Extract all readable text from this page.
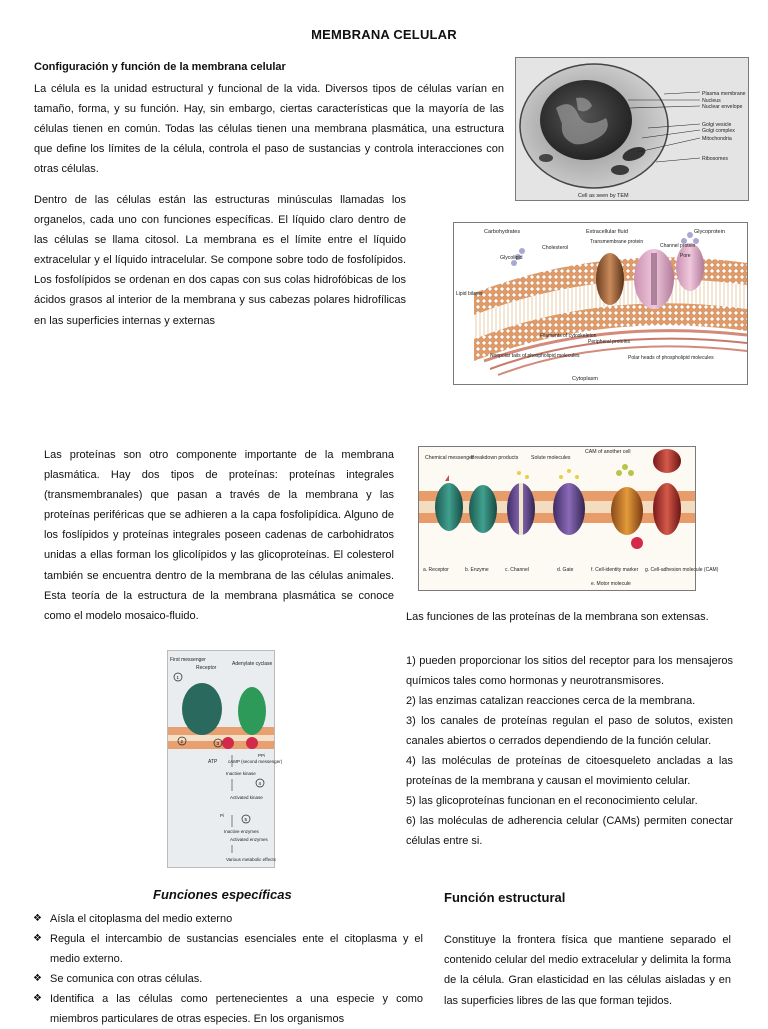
MEMBRANA CELULAR
Configuración y función de la membrana celular
La célula es la unidad estructural y funcional de la vida. Diversos tipos de células varían en tamaño, forma, y su función. Hay, sin embargo, ciertas características que la mayoría de las células tienen en común. Todas las células tienen una membrana plasmática, una estructura que define los límites de la célula, controla el paso de sustancias y controla interacciones con otras células.
Dentro de las células están las estructuras minúsculas llamadas los organelos, cada uno con funciones específicas. El líquido claro dentro de las células se llama citosol. La membrana es el límite entre el líquido extracelular y el líquido intracelular. Se compone sobre todo de fosfolípidos. Los fosfolípidos se ordenan en dos capas con sus colas hidrofóbicas de los ácidos grasos al interior de la membrana y sus cabezas polares hidrofílicas en las superficies internas y externas
Plasma membrane
Nucleus
Nuclear envelope
Golgi vesicle
Golgi complex
Mitochondria
Ribosomes
Cell as seen by TEM
Carbohydrates	Extracellular fluid	Glycoprotein
Cholesterol
Transmembrane protein
Glycolipid
Channel protein
Pore
Lipid bilayer
Filaments of cytoskeleton
Peripheral proteins
Nonpolar tails of phospholipid molecules	Polar heads of phospholipid molecules
Cytoplasm
Las proteínas son otro componente importante de la membrana plasmática. Hay dos tipos de proteínas: proteínas integrales (transmembranales) que pasan a través de la membrana y las proteínas periféricas que se adhieren a la capa fosfolipídica. Alguno de los foslípidos y proteínas integrales poseen cadenas de carbohidratos unidas a ellas forman los glicolípidos y las glicoproteínas. El colesterol también se encuentra dentro de la membrana de las células animales. Esta teoría de la estructura de la membrana plasmática se conoce como el modelo mosaico-fluido.
Chemical messenger
Breakdown products Solute molecules
CAM of another cell
a. Receptor	b. Enzyme	c. Channel	d. Gate	f. Cell-identity marker g. Cell-adhesion molecule (CAM)
e. Motor molecule
Las funciones de las proteínas de la membrana son extensas.
1) pueden proporcionar los sitios del receptor para los mensajeros químicos tales como hormonas y neurotransmisores.
2) las enzimas catalizan reacciones cerca de la membrana.
3) los canales de proteínas regulan el paso de solutos, existen canales abiertos o cerrados dependiendo de la función celular.
4) las moléculas de proteínas de citoesqueleto ancladas a las proteínas de la membrana y causan el movimiento celular.
5) las glicoproteínas funcionan en el reconocimiento celular.
6) las moléculas de adherencia celular (CAMs) permiten conectar células entre si.
1
2	3
4
5
First messenger
Receptor
Adenylate cyclase
PPi
ATP cAMP (second messenger)
Inactive kinase
Activated kinase
Pi
Inactive enzymes
Activated enzymes
Various metabolic effects
Funciones específicas	Función estructural
❖ Aísla el citoplasma del medio externo
❖ Regula el intercambio de sustancias esenciales ente el citoplasma y el medio externo.
❖ Se comunica con otras células.
❖ Identifica a las células como pertenecientes a una especie y como miembros particulares de otras especies. En los organismos
Constituye la frontera física que mantiene separado el contenido celular del medio extracelular y delimita la forma de la célula. Gran elasticidad en las células aisladas y en las superficies libres de las que forman tejidos.
